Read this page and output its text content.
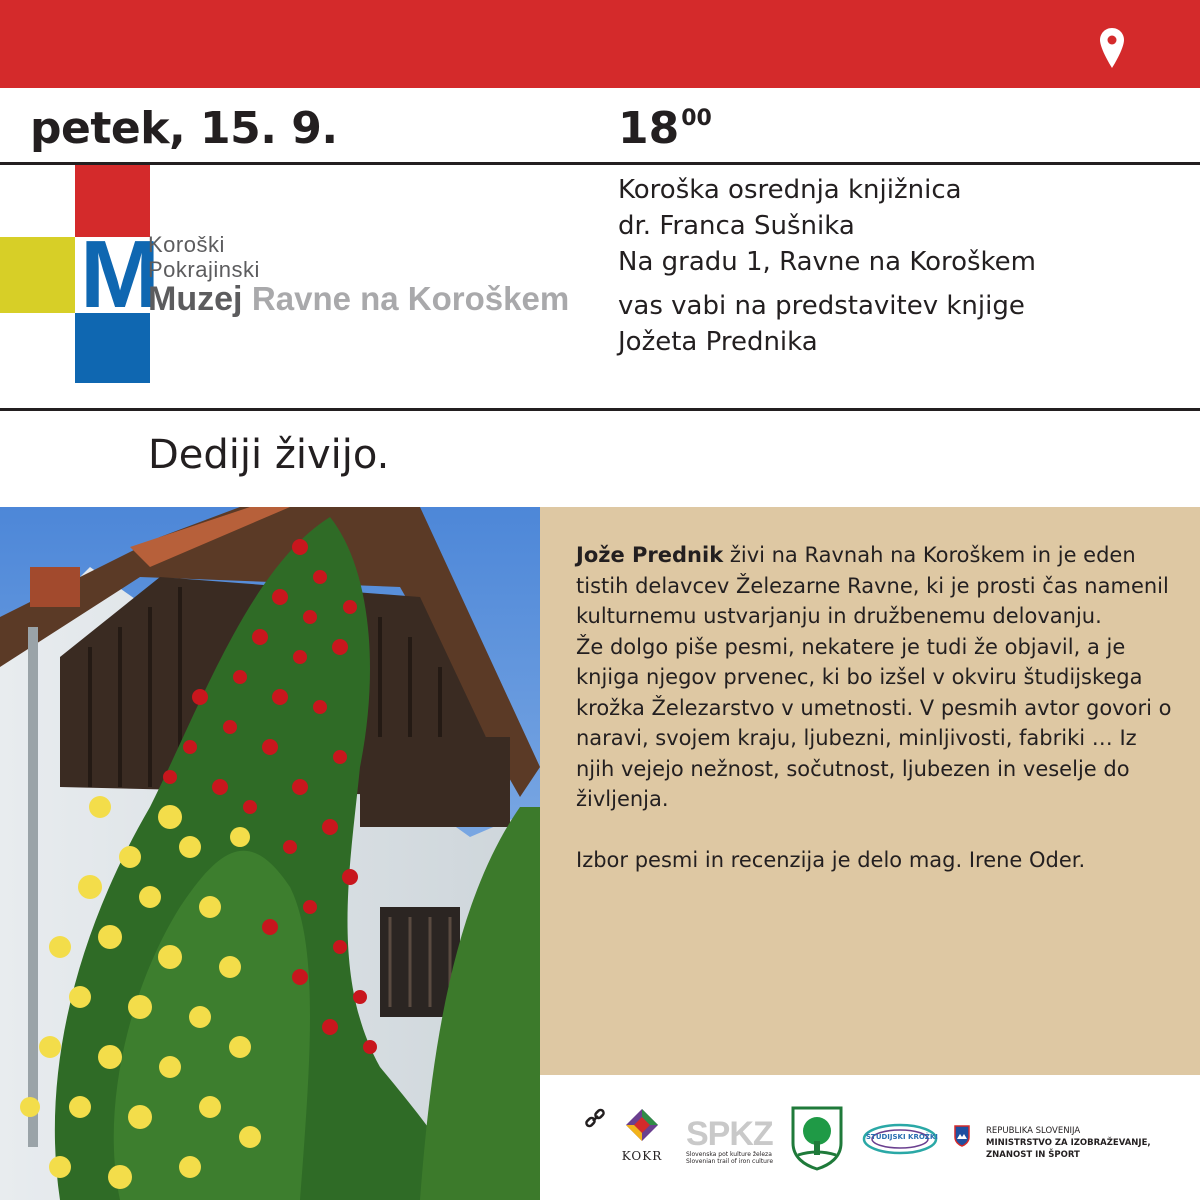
petek, 15. 9.	$18^{00}$
M
Koroški
Pokrajinski
Muzej Ravne na Koroškem
Koroška osrednja knjižnica
dr. Franca Sušnika
Na gradu 1, Ravne na Koroškem
vas vabi na predstavitev knjige
Jožeta Prednika
Dediji živijo.

Jože Prednik živi na Ravnah na Koroškem in je eden tistih delavcev Železarne Ravne, ki je prosti čas namenil kulturnemu ustvarjanju in družbenemu delovanju.

Že dolgo piše pesmi, nekatere je tudi že objavil, a je knjiga njegov prvenec, ki bo izšel v okviru študijskega krožka Železarstvo v umetnosti. V pesmih avtor govori o naravi, svojem kraju, ljubezni, minljivosti, fabriki … Iz njih vejejo nežnost, sočutnost, ljubezen in veselje do življenja.

Izbor pesmi in recenzija je delo mag. Irene Oder.

KOKR
SPKZ
Slovenska pot kulture železa
Slovenian trail of iron culture
ŠTUDIJSKI KROŽKI
REPUBLIKA SLOVENIJA
MINISTRSTVO ZA IZOBRAŽEVANJE,
ZNANOST IN ŠPORT
